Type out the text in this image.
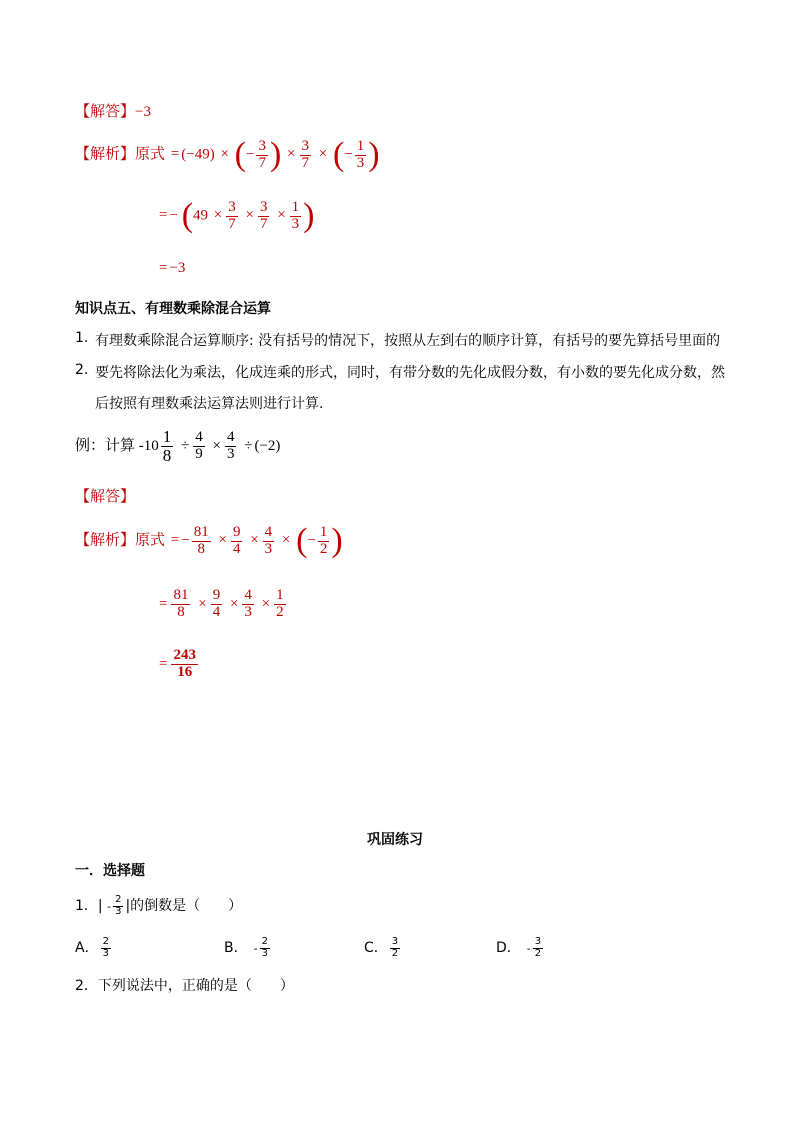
【解答】−3
【解析】原式 = (−49) × (− $\frac{3}{7}$ ) × $\frac{3}{7}$ × (− $\frac{1}{3}$ )
= − ($49 \times \frac{3}{7} \times \frac{3}{7} \times \frac{1}{3}$ )
= −3
知识点五、有理数乘除混合运算
1. 有理数乘除混合运算顺序: 没有括号的情况下，按照从左到右的顺序计算，有括号的要先算括号里面的
2. 要先将除法化为乘法，化成连乘的形式，同时，有带分数的先化成假分数，有小数的要先化成分数，然
后按照有理数乘法运算法则进行计算.
例：计算 $-10 \frac{1}{8} \div \frac{4}{9} \times \frac{4}{3} \div (-2)$
【解答】
【解析】原式 = − $\frac{81}{8} \times \frac{9}{4} \times \frac{4}{3}$ × (− $\frac{1}{2}$ )
= $\frac{81}{8} \times \frac{9}{4} \times \frac{4}{3} \times \frac{1}{2}$
= $\frac{243}{16}$
巩固练习
一．选择题
1．| - $\frac{2}{3}$ |的倒数是（　　）
A． $\frac{2}{3}$	B． - $\frac{2}{3}$	C． $\frac{3}{2}$	D． - $\frac{3}{2}$
2．下列说法中，正确的是（　　）
